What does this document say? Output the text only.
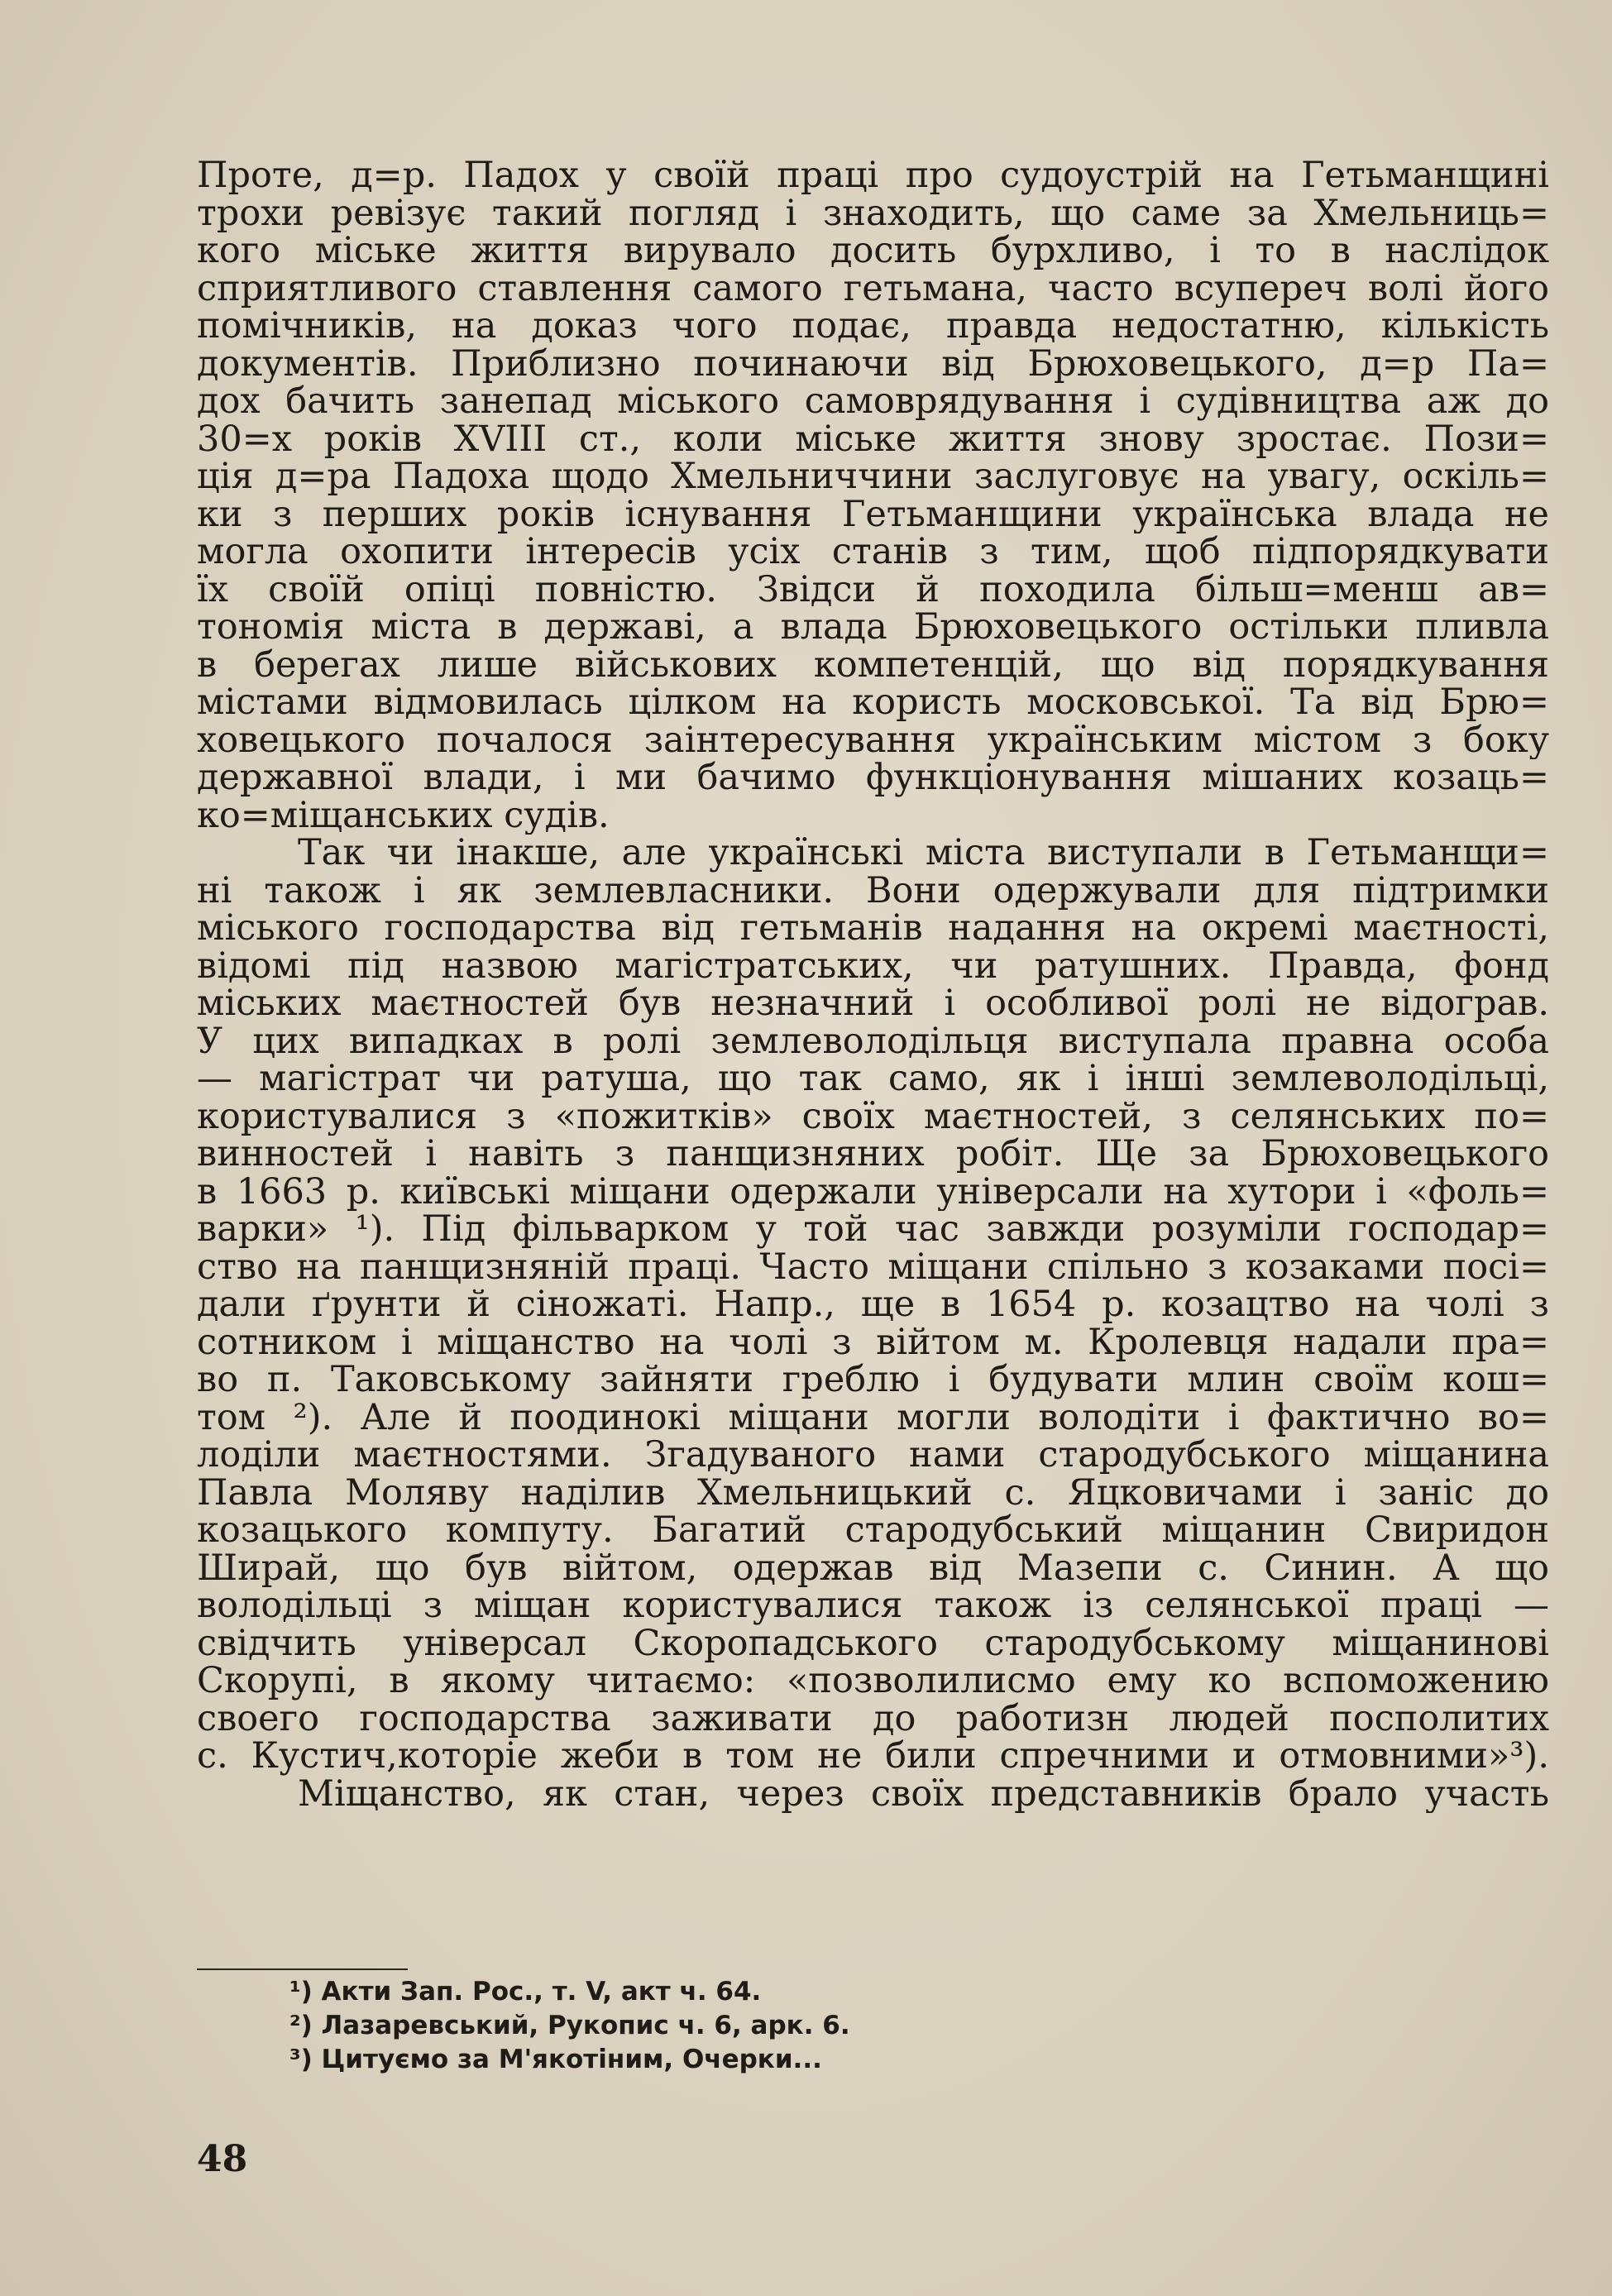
Проте, д=р. Падох у своїй праці про судоустрій на Гетьманщині
трохи ревізує такий погляд і знаходить, що саме за Хмельниць=
кого міське життя вирувало досить бурхливо, і то в наслідок
сприятливого ставлення самого гетьмана, часто всупереч волі його
помічників, на доказ чого подає, правда недостатню, кількість
документів. Приблизно починаючи від Брюховецького, д=р Па=
дох бачить занепад міського самоврядування і судівництва аж до
30=х років XVIII ст., коли міське життя знову зростає. Пози=
ція д=ра Падоха щодо Хмельниччини заслуговує на увагу, оскіль=
ки з перших років існування Гетьманщини українська влада не
могла охопити інтересів усіх станів з тим, щоб підпорядкувати
їх своїй опіці повністю. Звідси й походила більш=менш ав=
тономія міста в державі, а влада Брюховецького остільки пливла
в берегах лише військових компетенцій, що від порядкування
містами відмовилась цілком на користь московської. Та від Брю=
ховецького почалося заінтересування українським містом з боку
державної влади, і ми бачимо функціонування мішаних козаць=
ко=міщанських судів.
Так чи інакше, але українські міста виступали в Гетьманщи=
ні також і як землевласники. Вони одержували для підтримки
міського господарства від гетьманів надання на окремі маєтності,
відомі під назвою магістратських, чи ратушних. Правда, фонд
міських маєтностей був незначний і особливої ролі не відограв.
У цих випадках в ролі землеволодільця виступала правна особа
— магістрат чи ратуша, що так само, як і інші землеволодільці,
користувалися з «пожитків» своїх маєтностей, з селянських по=
винностей і навіть з панщизняних робіт. Ще за Брюховецького
в 1663 р. київські міщани одержали універсали на хутори і «фоль=
варки» ¹). Під фільварком у той час завжди розуміли господар=
ство на панщизняній праці. Часто міщани спільно з козаками посі=
дали ґрунти й сіножаті. Напр., ще в 1654 р. козацтво на чолі з
сотником і міщанство на чолі з війтом м. Кролевця надали пра=
во п. Таковському зайняти греблю і будувати млин своїм кош=
том ²). Але й поодинокі міщани могли володіти і фактично во=
лоділи маєтностями. Згадуваного нами стародубського міщанина
Павла Моляву наділив Хмельницький с. Яцковичами і заніс до
козацького компуту. Багатий стародубський міщанин Свиридон
Ширай, що був війтом, одержав від Мазепи с. Синин. А що
володільці з міщан користувалися також із селянської праці —
свідчить універсал Скоропадського стародубському міщанинові
Скорупі, в якому читаємо: «позволилисмо ему ко вспоможению
своего господарства заживати до работизн людей посполитих
с. Кустич,которіе жеби в том не били спречними и отмовними»³).
Міщанство, як стан, через своїх представників брало участь
¹) Акти Зап. Рос., т. V, акт ч. 64.
²) Лазаревський, Рукопис ч. 6, арк. 6.
³) Цитуємо за М'якотіним, Очерки...
48
